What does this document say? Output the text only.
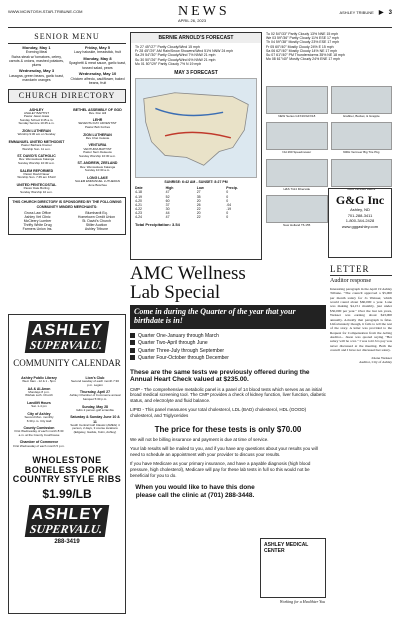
WWW.MCINTOSH-STAR-TRIBUNE.COM	NEWS
APRIL 26, 2023
ASHLEY TRIBUNE ▶ 3
SENIOR MENU
Monday, May 1
Evening Meal
Swiss steak w/ tomatoes, celery, carrots & onions, mashed potatoes, plums
Wednesday, May 3
Lasagna, green beans, garlic toast, mandarin oranges
Friday, May 5
Lazy haluskie, breadstick, fruit
Monday, May 8
Spaghetti & meat sauce, garlic toast, tossed salad, pears
Wednesday, May 10
Chicken alfredo, cauliflower, baked beans, fruit
CHURCH DIRECTORY
ASHLEY
ASHLEY BAPTIST
Pastor Jason Haas
Sunday School 9:45 a.m.
Sunday Service 10:45 a.m.
ZION LUTHERAN
Worship 9:30 am on Sunday
EMMANUEL UNITED METHODIST
Pastor Barbara Kramer
Worship Sun. 11 a.m.
ST. DAVID'S CATHOLIC
Rev. Wenceslaus Katanga
Sunday Worship 10:30 a.m.
SALEM REFORMED
Pastor David Naser
Worship Sun. 7:45 am KSLR
UNITED PENTECOSTAL
Pastor Dale Burling
Sunday Worship 10 a.m.
BETHEL ASSEMBLY OF GOD
Rev. Don Hill
LEHR
SEVENTH DAY ADVENTIST
Pastor Bob Forbes
ZION LUTHERAN
Rev Chet Celeste
VENTURIA
VENTURIA BAPTIST
Pastor Nern Deleeuw
Sunday Worship 10:30 a.m.
ST. ANDREW, ZEELAND
Rev. Wenceslaus Katanga
Sunday 10:30 a.m.
LONG LAKE
SALEM EMMANUEL LUTHERAN
June Boschee
THIS CHURCH DIRECTORY IS SPONSORED BY THE FOLLOWING COMMUNITY MINDED MERCHANTS:
Gross Law Office
Ashley Vet Clinic
McCleery Lumber
Thrifty White Drug
Farmers Union Ins.
Blumhardt Eq.
Hometown Credit Union
St. David's Church
Stiller Auction
Ashley Tribune
ASHLEY
SUPERVALU.
COMMUNITY CALENDAR
Ashley Public Library
Wed. 9am - 12 & 1 - 5pm
AA & Al-Anon
Mondays 8 p.m.
Wishek Luth. Church
Landlift Hours
Sat. 1-4 pm
City of Ashley
Second Mon. monthly
6:30 p.m. City Hall
County Comission
First Wednesday of each month 8:30 a.m. at the County Courthouse
Chamber of Commerce
First Wednesday of each month 5 p.m.
Lion's Club
Second tuesday of each month 7:30 p.m. Legion
Thursday, April 27
Ashley Chamber of Commerce annual banquet 5:30 p.m.
Sunday, May 28
G&G 2 person golf scramble
Saturday & Sunday June 10 & 11
South Central Golf Classic (AMEG) 4 person, 2 days, 3 course locations (Edgeley, Gackle, Kulm, Ashley)
WHOLESTONE BONELESS PORK COUNTRY STYLE RIBS
$1.99/LB
ASHLEY
SUPERVALU.
288-3419
BERNIE ARNOLD'S FORECAST
Th 27 45°/27° Partly Cloudy/Wind 15 mph
Fr 28 45°/29° AM Rain/Snow Showers/Wind 51% NNW 24 mph
Sa 29 54°/30° Partly Cloudy/Wind 7% NNW 21 mph
Su 30 50°/26° Partly Cloudy/Wind 6% NNW 21 mph
Mo 01 50°/29° Partly Cloudy 7% N 19 mph
MAY 3 FORECAST
SUNRISE: 6:42 AM - SUNSET: 8:27 PM
Date	High	Low	Precip.
4-18	47	27	0
4-19	52	35	0
4-20	60	20	0
4-21	37	26	.04
4-22	30	22	.19
4-23	44	20	0
4-24	47	22	0
Total Precipitation: 3.54
Tu 02 54°/33° Partly Cloudy 13% NNE 15 mph
We 03 59°/36° Partly Cloudy 11% ESE 17 mph
Th 04 59°/38° Mostly Cloudy 23% ESE 17 mph
Fr 05 60°/40° Mostly Cloudy 24% E 15 mph
Sa 06 62°/40° Mostly Cloudy 14% NE 17 mph
Su 07 61°/40° PM Thunderstorms 35% NE 18 mph
Mo 08 61°/40° Mostly Cloudy 24% ENE 17 mph
NEW Series GFX16/GFX18	Grabber, Bucket, & Grapple
NH 260 Speedmower	600H Vermeer Big Tire Pkg
H&S 7114 Fiberside	G&G Certified Balers
New Holland T6.155
G&G Inc
Ashley, ND
701-288-3411
1-800-344-2428
www.gggashley.com
AMC Wellness
Lab Special
Come in during the Quarter of the year that your birthdate is in!
Quarter One-January through March
Quarter Two-April through June
Quarter Three-July through September
Quarter Four-October through December
These are the same tests we previously offered during the Annual Heart Check valued at $235.00.
CMP - The comprehensive metabolic panel is a panel of 14 blood tests which serves as an initial broad medical screening tool. The CMP provides a check of kidney function, liver function, diabetic status, and electrolyte and fluid balance.
LIPID - This panel measures your total cholesterol, LDL (BAD) cholesterol, HDL (GOOD) cholesterol, and Triglycerides
The price for these tests is only $70.00
We will not be billing insurance and payment is due at time of service.
Your lab results will be mailed to you, and if you have any questions about your results you will need to schedule an appointment with your provider to discuss your results.
If you have Medicare as your primary insurance, and have a payable diagnosis (high blood pressure, high cholesterol), Medicare will pay for these lab tests in full so this would not be beneficial for you to do.
When you would like to have this done please call the clinic at (701) 288-3448.
ASHLEY MEDICAL CENTER
Working for a Healthier You
LETTER
Auditor response
Interesting paragraph in the April 19 Ashley Tribune. "The council approved a $5,000 per month salary for Jo Weisser, which would round about $60,000 a year. Lane was making $4,151 monthly, just under $50,000 per year." Over the last ten years, Weisser was earning about $43,000 annually. Actually that paragraph is false. Unfortunately though, it fails to tell the rest of the story. A letter was provided to the Request for Compensation from the Acting Auditor... Jason was quoted saying "Her salary will be a lot." I was told Jo's pay was never discussed at the meeting. Both the council and I have not discussed her salary.
Jolene Weisser
Auditor, City of Ashley
